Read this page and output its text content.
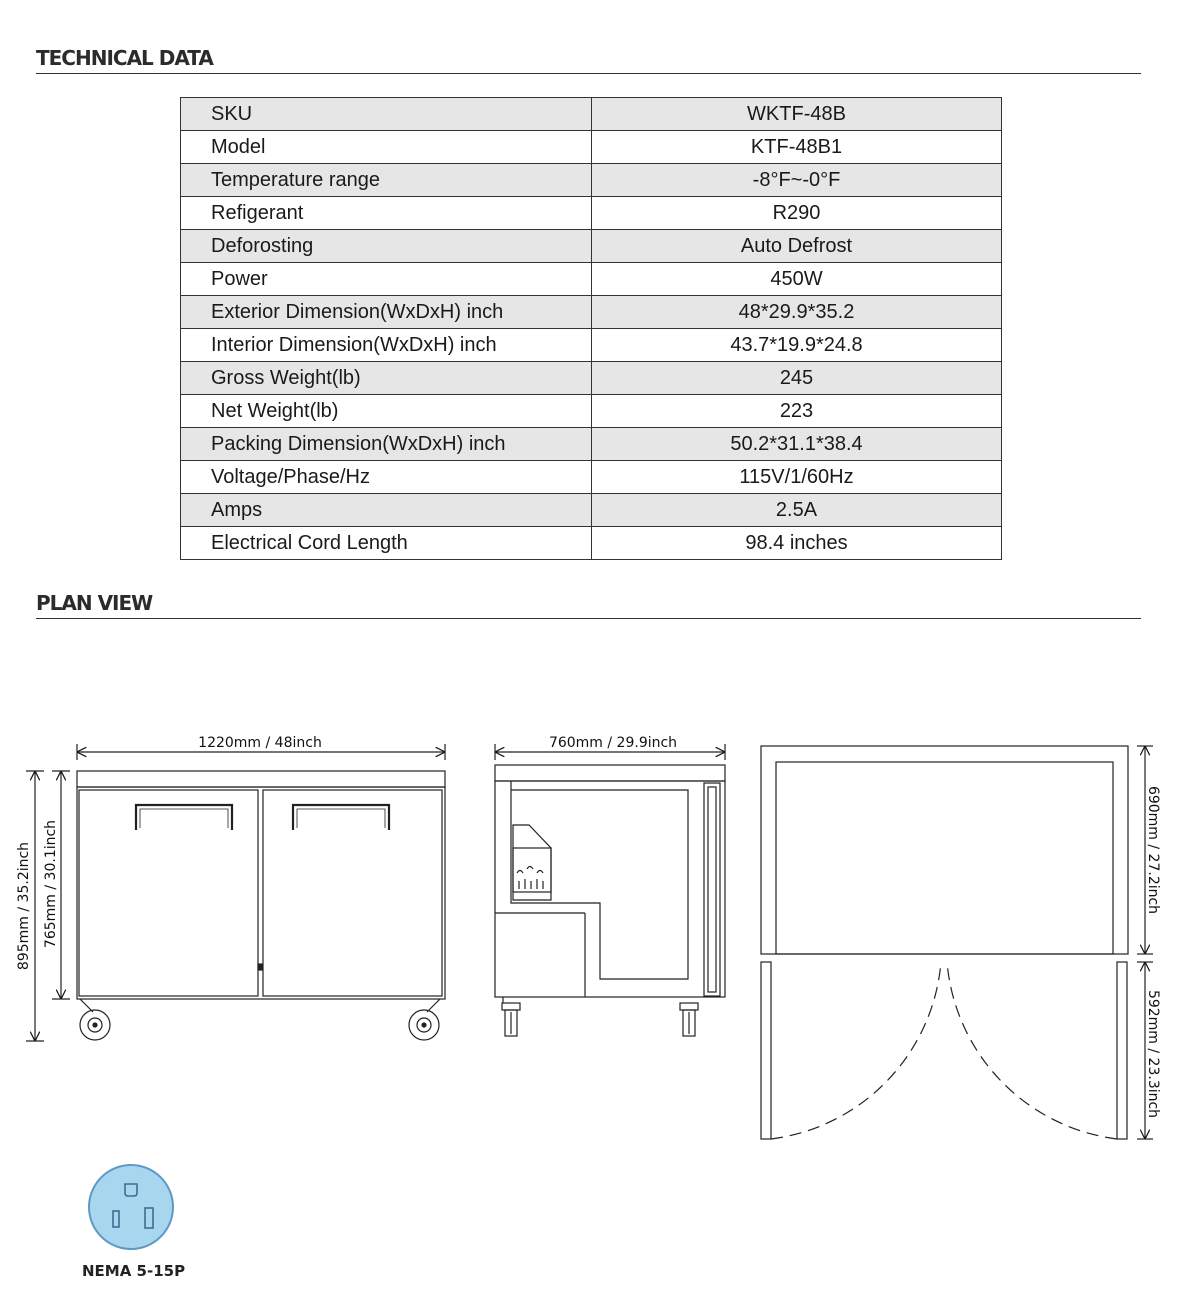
TECHNICAL DATA
SKU	WKTF-48B
Model	KTF-48B1
Temperature range	-8°F~-0°F
Refigerant	R290
Deforosting	Auto Defrost
Power	450W
Exterior Dimension(WxDxH) inch	48*29.9*35.2
Interior Dimension(WxDxH) inch	43.7*19.9*24.8
Gross Weight(lb)	245
Net Weight(lb)	223
Packing Dimension(WxDxH) inch	50.2*31.1*38.4
Voltage/Phase/Hz	115V/1/60Hz
Amps	2.5A
Electrical Cord Length	98.4 inches
PLAN VIEW
1220mm / 48inch
895mm / 35.2inch 765mm / 30.1inch
760mm / 29.9inch
690mm / 27.2inch
592mm / 23.3inch
NEMA 5-15P
